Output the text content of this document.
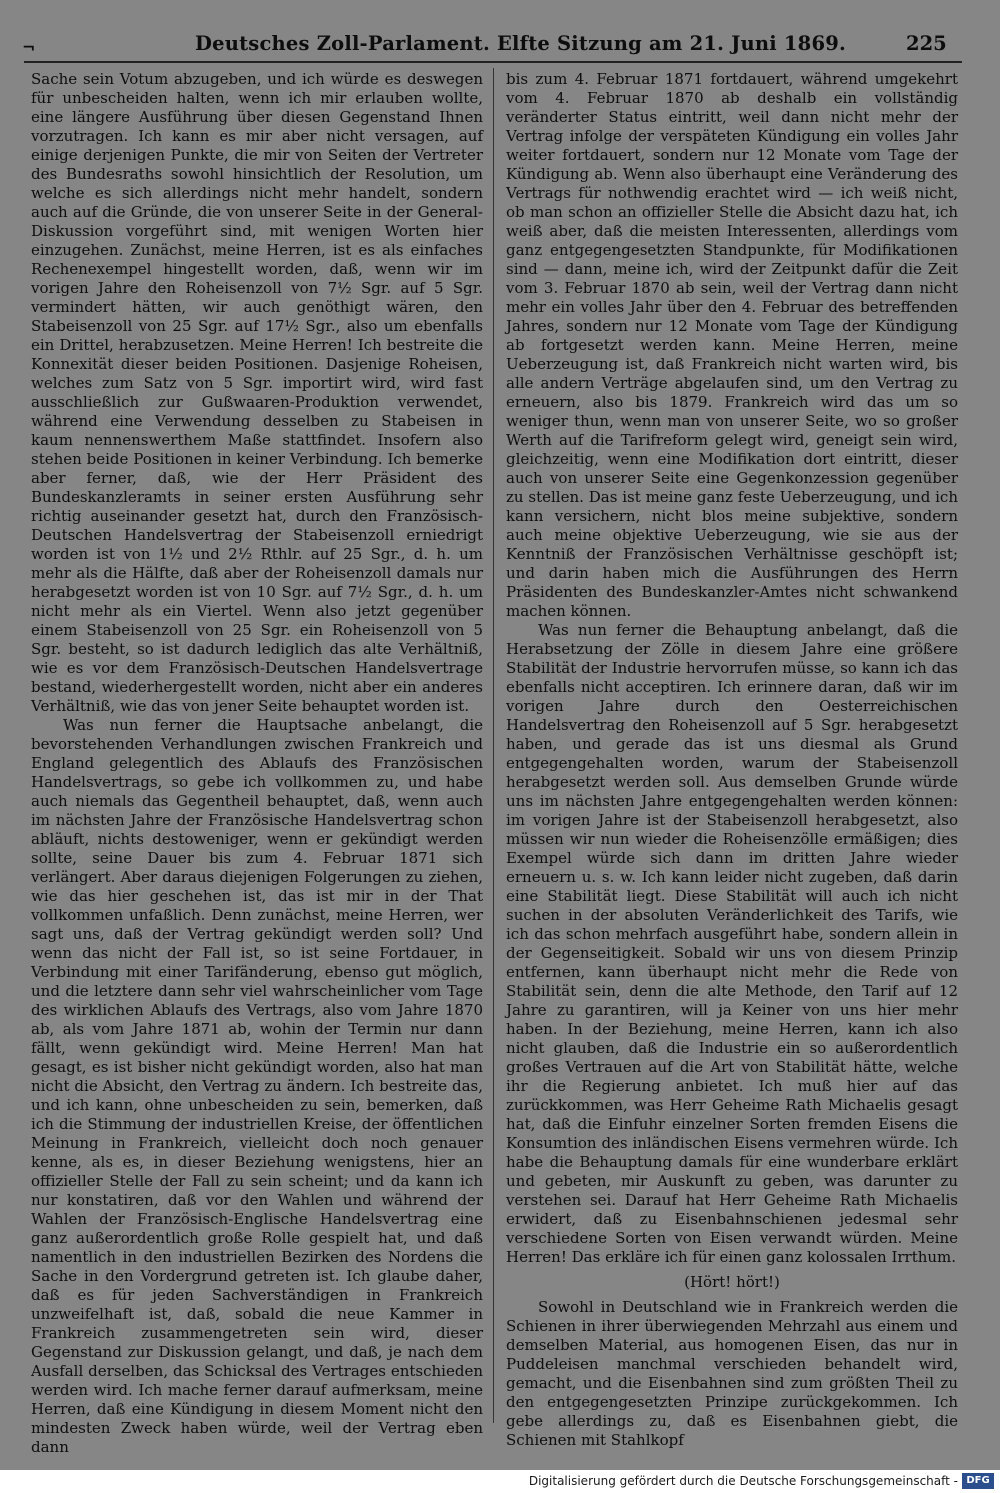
¬	Deutsches Zoll-Parlament. Elfte Sitzung am 21. Juni 1869.	225

Sache sein Votum abzugeben, und ich würde es deswegen für unbescheiden halten, wenn ich mir erlauben wollte, eine längere Ausführung über diesen Gegenstand Ihnen vorzutragen. Ich kann es mir aber nicht versagen, auf einige derjenigen Punkte, die mir von Seiten der Vertreter des Bundesraths sowohl hinsichtlich der Resolution, um welche es sich allerdings nicht mehr handelt, sondern auch auf die Gründe, die von unserer Seite in der General-Diskussion vorgeführt sind, mit wenigen Worten hier einzugehen. Zunächst, meine Herren, ist es als einfaches Rechenexempel hingestellt worden, daß, wenn wir im vorigen Jahre den Roheisenzoll von 7½ Sgr. auf 5 Sgr. vermindert hätten, wir auch genöthigt wären, den Stabeisenzoll von 25 Sgr. auf 17½ Sgr., also um ebenfalls ein Drittel, herabzusetzen. Meine Herren! Ich bestreite die Konnexität dieser beiden Positionen. Dasjenige Roheisen, welches zum Satz von 5 Sgr. importirt wird, wird fast ausschließlich zur Gußwaaren-Produktion verwendet, während eine Verwendung desselben zu Stabeisen in kaum nennenswerthem Maße stattfindet. Insofern also stehen beide Positionen in keiner Verbindung. Ich bemerke aber ferner, daß, wie der Herr Präsident des Bundeskanzleramts in seiner ersten Ausführung sehr richtig auseinander gesetzt hat, durch den Französisch-Deutschen Handelsvertrag der Stabeisenzoll erniedrigt worden ist von 1½ und 2½ Rthlr. auf 25 Sgr., d. h. um mehr als die Hälfte, daß aber der Roheisenzoll damals nur herabgesetzt worden ist von 10 Sgr. auf 7½ Sgr., d. h. um nicht mehr als ein Viertel. Wenn also jetzt gegenüber einem Stabeisenzoll von 25 Sgr. ein Roheisenzoll von 5 Sgr. besteht, so ist dadurch lediglich das alte Verhältniß, wie es vor dem Französisch-Deutschen Handelsvertrage bestand, wiederhergestellt worden, nicht aber ein anderes Verhältniß, wie das von jener Seite behauptet worden ist.

Was nun ferner die Hauptsache anbelangt, die bevorstehenden Verhandlungen zwischen Frankreich und England gelegentlich des Ablaufs des Französischen Handelsvertrags, so gebe ich vollkommen zu, und habe auch niemals das Gegentheil behauptet, daß, wenn auch im nächsten Jahre der Französische Handelsvertrag schon abläuft, nichts destoweniger, wenn er gekündigt werden sollte, seine Dauer bis zum 4. Februar 1871 sich verlängert. Aber daraus diejenigen Folgerungen zu ziehen, wie das hier geschehen ist, das ist mir in der That vollkommen unfaßlich. Denn zunächst, meine Herren, wer sagt uns, daß der Vertrag gekündigt werden soll? Und wenn das nicht der Fall ist, so ist seine Fortdauer, in Verbindung mit einer Tarifänderung, ebenso gut möglich, und die letztere dann sehr viel wahrscheinlicher vom Tage des wirklichen Ablaufs des Vertrags, also vom Jahre 1870 ab, als vom Jahre 1871 ab, wohin der Termin nur dann fällt, wenn gekündigt wird. Meine Herren! Man hat gesagt, es ist bisher nicht gekündigt worden, also hat man nicht die Absicht, den Vertrag zu ändern. Ich bestreite das, und ich kann, ohne unbescheiden zu sein, bemerken, daß ich die Stimmung der industriellen Kreise, der öffentlichen Meinung in Frankreich, vielleicht doch noch genauer kenne, als es, in dieser Beziehung wenigstens, hier an offizieller Stelle der Fall zu sein scheint; und da kann ich nur konstatiren, daß vor den Wahlen und während der Wahlen der Französisch-Englische Handelsvertrag eine ganz außerordentlich große Rolle gespielt hat, und daß namentlich in den industriellen Bezirken des Nordens die Sache in den Vordergrund getreten ist. Ich glaube daher, daß es für jeden Sachverständigen in Frankreich unzweifelhaft ist, daß, sobald die neue Kammer in Frankreich zusammengetreten sein wird, dieser Gegenstand zur Diskussion gelangt, und daß, je nach dem Ausfall derselben, das Schicksal des Vertrages entschieden werden wird. Ich mache ferner darauf aufmerksam, meine Herren, daß eine Kündigung in diesem Moment nicht den mindesten Zweck haben würde, weil der Vertrag eben dann

bis zum 4. Februar 1871 fortdauert, während umgekehrt vom 4. Februar 1870 ab deshalb ein vollständig veränderter Status eintritt, weil dann nicht mehr der Vertrag infolge der verspäteten Kündigung ein volles Jahr weiter fortdauert, sondern nur 12 Monate vom Tage der Kündigung ab. Wenn also überhaupt eine Veränderung des Vertrags für nothwendig erachtet wird — ich weiß nicht, ob man schon an offizieller Stelle die Absicht dazu hat, ich weiß aber, daß die meisten Interessenten, allerdings vom ganz entgegengesetzten Standpunkte, für Modifikationen sind — dann, meine ich, wird der Zeitpunkt dafür die Zeit vom 3. Februar 1870 ab sein, weil der Vertrag dann nicht mehr ein volles Jahr über den 4. Februar des betreffenden Jahres, sondern nur 12 Monate vom Tage der Kündigung ab fortgesetzt werden kann. Meine Herren, meine Ueberzeugung ist, daß Frankreich nicht warten wird, bis alle andern Verträge abgelaufen sind, um den Vertrag zu erneuern, also bis 1879. Frankreich wird das um so weniger thun, wenn man von unserer Seite, wo so großer Werth auf die Tarifreform gelegt wird, geneigt sein wird, gleichzeitig, wenn eine Modifikation dort eintritt, dieser auch von unserer Seite eine Gegenkonzession gegenüber zu stellen. Das ist meine ganz feste Ueberzeugung, und ich kann versichern, nicht blos meine subjektive, sondern auch meine objektive Ueberzeugung, wie sie aus der Kenntniß der Französischen Verhältnisse geschöpft ist; und darin haben mich die Ausführungen des Herrn Präsidenten des Bundeskanzler-Amtes nicht schwankend machen können.

Was nun ferner die Behauptung anbelangt, daß die Herabsetzung der Zölle in diesem Jahre eine größere Stabilität der Industrie hervorrufen müsse, so kann ich das ebenfalls nicht acceptiren. Ich erinnere daran, daß wir im vorigen Jahre durch den Oesterreichischen Handelsvertrag den Roheisenzoll auf 5 Sgr. herabgesetzt haben, und gerade das ist uns diesmal als Grund entgegengehalten worden, warum der Stabeisenzoll herabgesetzt werden soll. Aus demselben Grunde würde uns im nächsten Jahre entgegengehalten werden können: im vorigen Jahre ist der Stabeisenzoll herabgesetzt, also müssen wir nun wieder die Roheisenzölle ermäßigen; dies Exempel würde sich dann im dritten Jahre wieder erneuern u. s. w. Ich kann leider nicht zugeben, daß darin eine Stabilität liegt. Diese Stabilität will auch ich nicht suchen in der absoluten Veränderlichkeit des Tarifs, wie ich das schon mehrfach ausgeführt habe, sondern allein in der Gegenseitigkeit. Sobald wir uns von diesem Prinzip entfernen, kann überhaupt nicht mehr die Rede von Stabilität sein, denn die alte Methode, den Tarif auf 12 Jahre zu garantiren, will ja Keiner von uns hier mehr haben. In der Beziehung, meine Herren, kann ich also nicht glauben, daß die Industrie ein so außerordentlich großes Vertrauen auf die Art von Stabilität hätte, welche ihr die Regierung anbietet. Ich muß hier auf das zurückkommen, was Herr Geheime Rath Michaelis gesagt hat, daß die Einfuhr einzelner Sorten fremden Eisens die Konsumtion des inländischen Eisens vermehren würde. Ich habe die Behauptung damals für eine wunderbare erklärt und gebeten, mir Auskunft zu geben, was darunter zu verstehen sei. Darauf hat Herr Geheime Rath Michaelis erwidert, daß zu Eisenbahnschienen jedesmal sehr verschiedene Sorten von Eisen verwandt würden. Meine Herren! Das erkläre ich für einen ganz kolossalen Irrthum.

(Hört! hört!)

Sowohl in Deutschland wie in Frankreich werden die Schienen in ihrer überwiegenden Mehrzahl aus einem und demselben Material, aus homogenen Eisen, das nur in Puddeleisen manchmal verschieden behandelt wird, gemacht, und die Eisenbahnen sind zum größten Theil zu den entgegengesetzten Prinzipe zurückgekommen. Ich gebe allerdings zu, daß es Eisenbahnen giebt, die Schienen mit Stahlkopf

Digitalisierung gefördert durch die Deutsche Forschungsgemeinschaft - DFG
